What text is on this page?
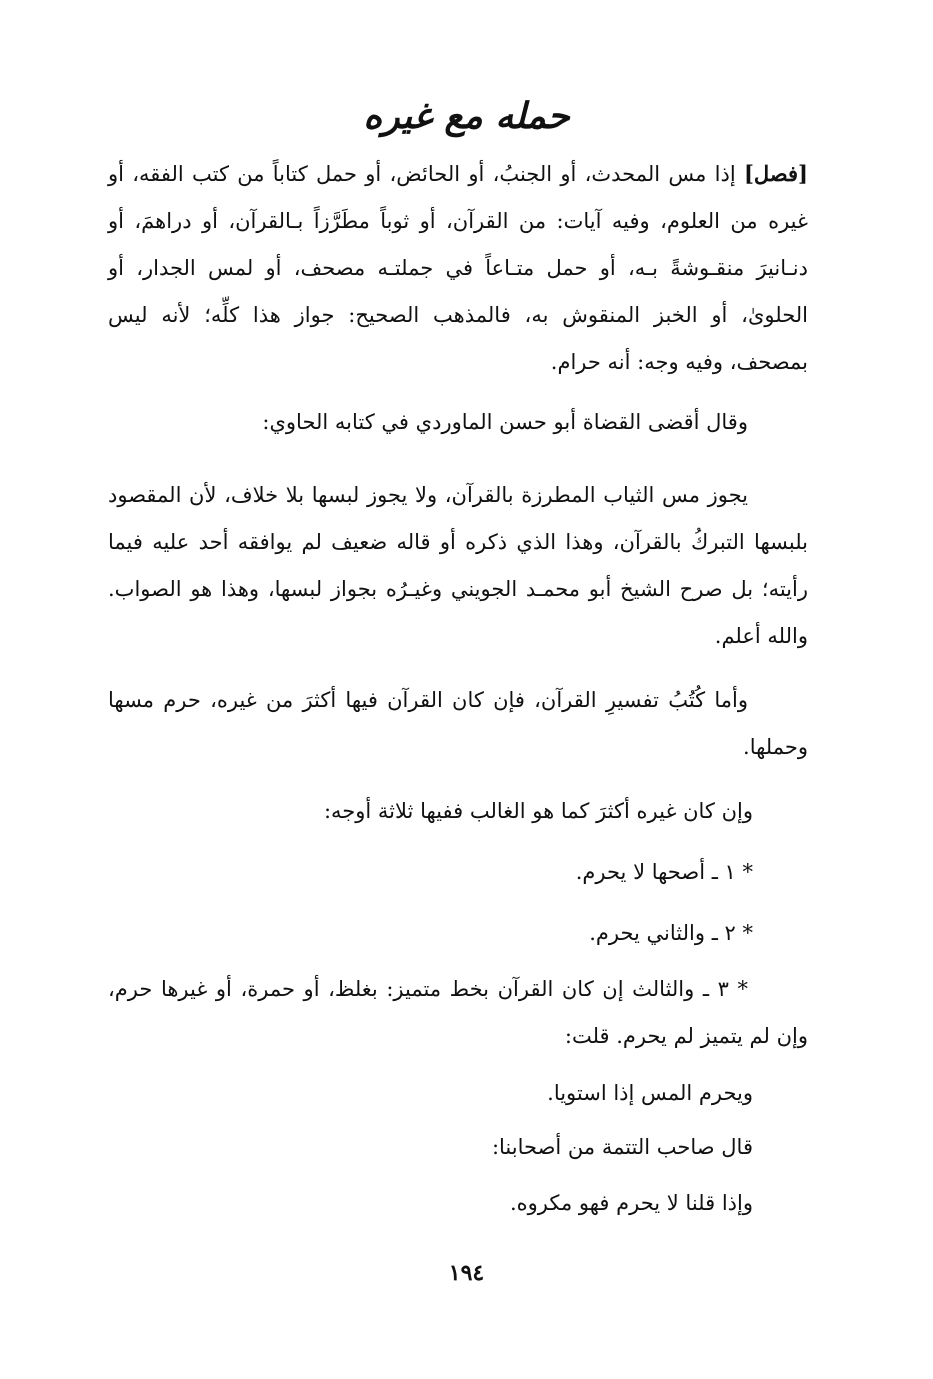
حمله مع غيره
[فصل] إذا مس المحدث، أو الجنبُ، أو الحائض، أو حمل كتاباً من كتب الفقه، أو غيره من العلوم، وفيه آيات: من القرآن، أو ثوباً مطَرَّزاً بـالقرآن، أو دراهمَ، أو دنـانيرَ منقـوشةً بـه، أو حمل متـاعاً في جملتـه مصحف، أو لمس الجدار، أو الحلوىٰ، أو الخبز المنقوش به، فالمذهب الصحيح: جواز هذا كلِّه؛ لأنه ليس بمصحف، وفيه وجه: أنه حرام.
وقال أقضى القضاة أبو حسن الماوردي في كتابه الحاوي:
يجوز مس الثياب المطرزة بالقرآن، ولا يجوز لبسها بلا خلاف، لأن المقصود بلبسها التبركُ بالقرآن، وهذا الذي ذكره أو قاله ضعيف لم يوافقه أحد عليه فيما رأيته؛ بل صرح الشيخ أبو محمـد الجويني وغيـرُه بجواز لبسها، وهذا هو الصواب. والله أعلم.
وأما كُتُبُ تفسيرِ القرآن، فإن كان القرآن فيها أكثرَ من غيره، حرم مسها وحملها.
وإن كان غيره أكثرَ كما هو الغالب ففيها ثلاثة أوجه:
* ١ ـ أصحها لا يحرم.
* ٢ ـ والثاني يحرم.
* ٣ ـ والثالث إن كان القرآن بخط متميز: بغلظ، أو حمرة، أو غيرها حرم، وإن لم يتميز لم يحرم. قلت:
ويحرم المس إذا استويا.
قال صاحب التتمة من أصحابنا:
وإذا قلنا لا يحرم فهو مكروه.
١٩٤
